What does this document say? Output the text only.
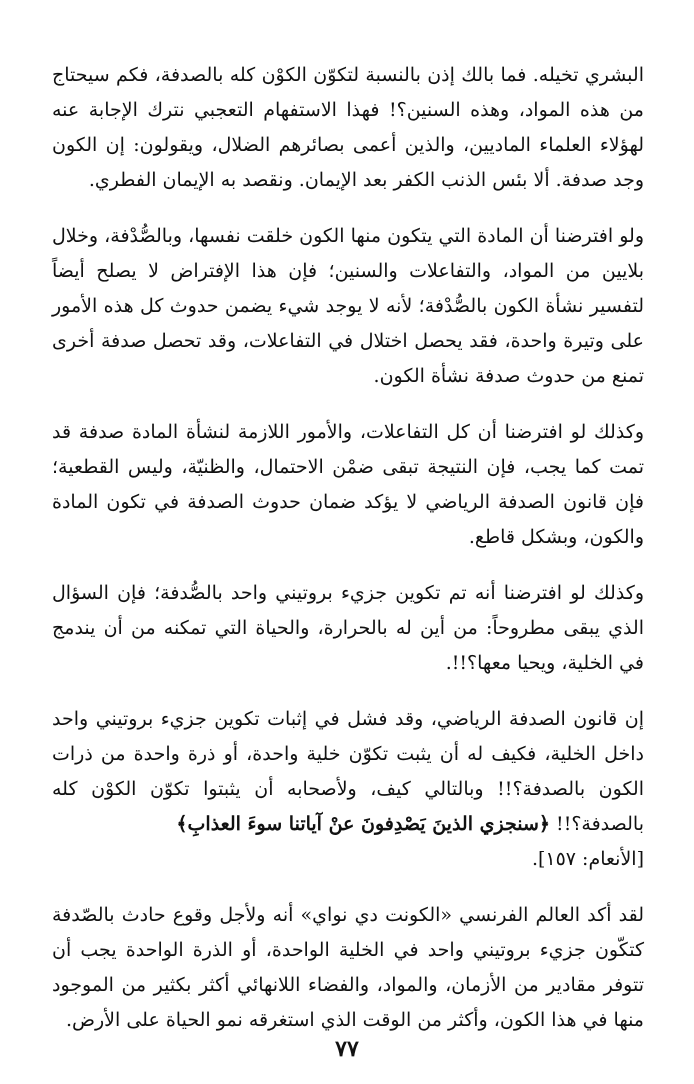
البشري تخيله. فما بالك إذن بالنسبة لتكوّن الكوْن كله بالصدفة، فكم سيحتاج من هذه المواد، وهذه السنين؟! فهذا الاستفهام التعجبي نترك الإجابة عنه لهؤلاء العلماء الماديين، والذين أعمى بصائرهم الضلال، ويقولون: إن الكون وجد صدفة. ألا بئس الذنب الكفر بعد الإيمان. ونقصد به الإيمان الفطري.

ولو افترضنا أن المادة التي يتكون منها الكون خلقت نفسها، وبالصُّدْفة، وخلال بلايين من المواد، والتفاعلات والسنين؛ فإن هذا الإفتراض لا يصلح أيضاً لتفسير نشأة الكون بالصُّدْفة؛ لأنه لا يوجد شيء يضمن حدوث كل هذه الأمور على وتيرة واحدة، فقد يحصل اختلال في التفاعلات، وقد تحصل صدفة أخرى تمنع من حدوث صدفة نشأة الكون.

وكذلك لو افترضنا أن كل التفاعلات، والأمور اللازمة لنشأة المادة صدفة قد تمت كما يجب، فإن النتيجة تبقى ضمْن الاحتمال، والظنيّة، وليس القطعية؛ فإن قانون الصدفة الرياضي لا يؤكد ضمان حدوث الصدفة في تكون المادة والكون، وبشكل قاطع.

وكذلك لو افترضنا أنه تم تكوين جزيء بروتيني واحد بالصُّدفة؛ فإن السؤال الذي يبقى مطروحاً: من أين له بالحرارة، والحياة التي تمكنه من أن يندمج في الخلية، ويحيا معها؟!!.

إن قانون الصدفة الرياضي، وقد فشل في إثبات تكوين جزيء بروتيني واحد داخل الخلية، فكيف له أن يثبت تكوّن خلية واحدة، أو ذرة واحدة من ذرات الكون بالصدفة؟!! وبالتالي كيف، ولأصحابه أن يثبتوا تكوّن الكوْن كله بالصدفة؟!! ﴿سنجزي الذينَ يَصْدِفونَ عنْ آياتنا سوءَ العذابِ﴾
[الأنعام: ١٥٧].

لقد أكد العالم الفرنسي «الكونت دي نواي» أنه ولأجل وقوع حادث بالصّدفة كتكّون جزيء بروتيني واحد في الخلية الواحدة، أو الذرة الواحدة يجب أن تتوفر مقادير من الأزمان، والمواد، والفضاء اللانهائي أكثر بكثير من الموجود منها في هذا الكون، وأكثر من الوقت الذي استغرقه نمو الحياة على الأرض.

٧٧
